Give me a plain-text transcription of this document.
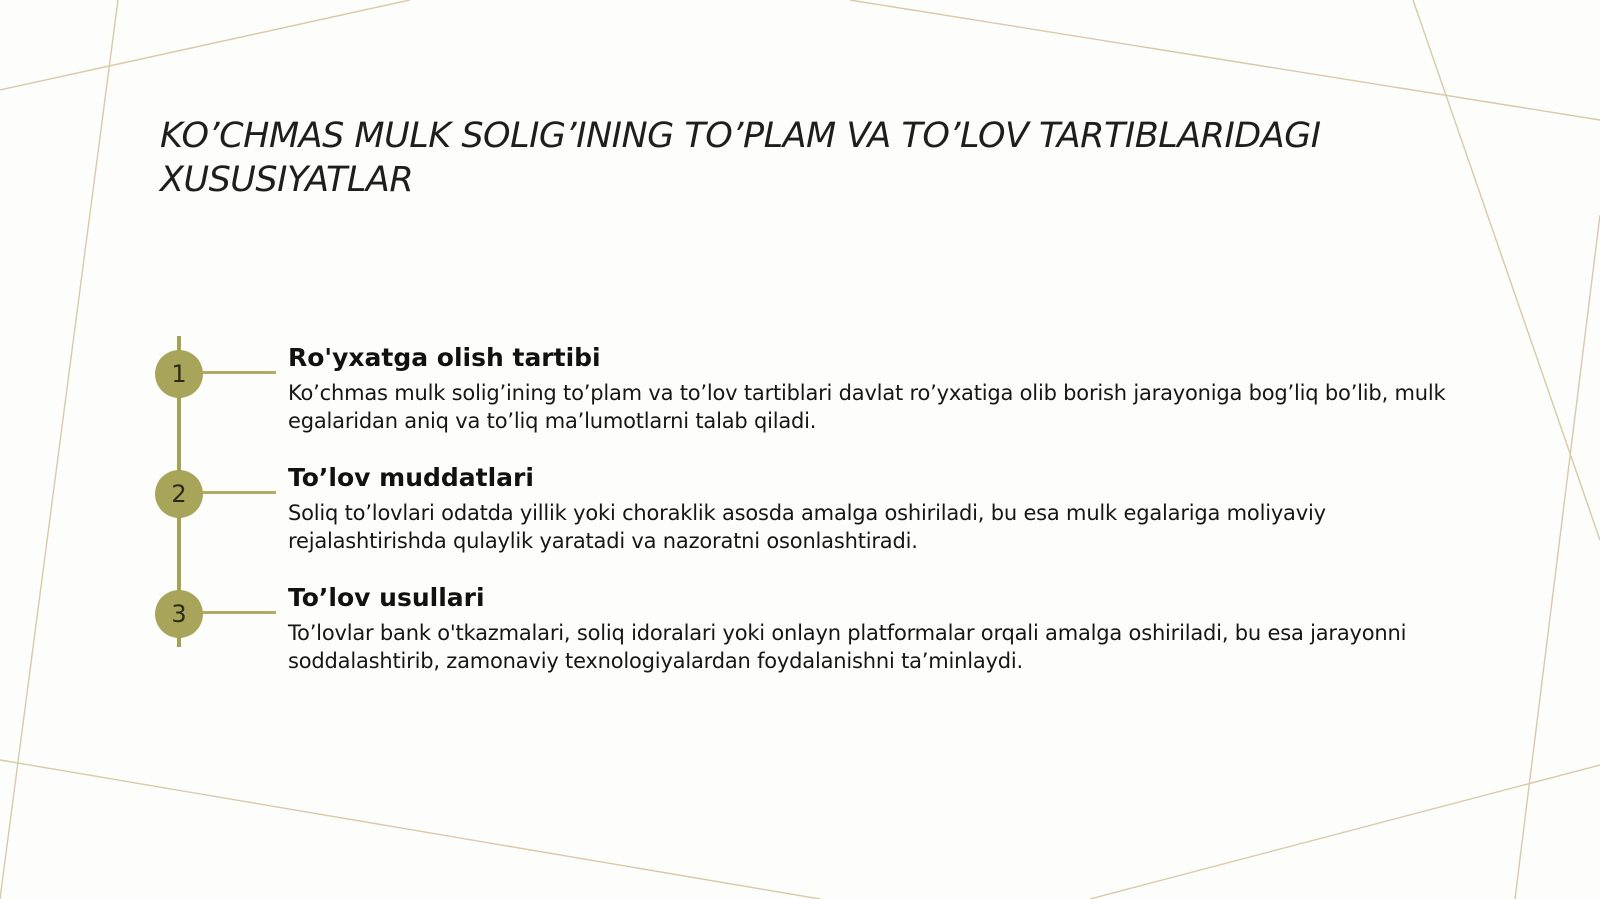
KO’CHMAS MULK SOLIG’INING TO’PLAM VA TO’LOV TARTIBLARIDAGI XUSUSIYATLAR
1
Ro'yxatga olish tartibi

Ko’chmas mulk solig’ining to’plam va to’lov tartiblari davlat ro’yxatiga olib borish jarayoniga bog’liq bo’lib, mulk egalaridan aniq va to’liq ma’lumotlarni talab qiladi.

2
To’lov muddatlari

Soliq to’lovlari odatda yillik yoki choraklik asosda amalga oshiriladi, bu esa mulk egalariga moliyaviy rejalashtirishda qulaylik yaratadi va nazoratni osonlashtiradi.

3
To’lov usullari

To’lovlar bank o'tkazmalari, soliq idoralari yoki onlayn platformalar orqali amalga oshiriladi, bu esa jarayonni soddalashtirib, zamonaviy texnologiyalardan foydalanishni ta’minlaydi.
